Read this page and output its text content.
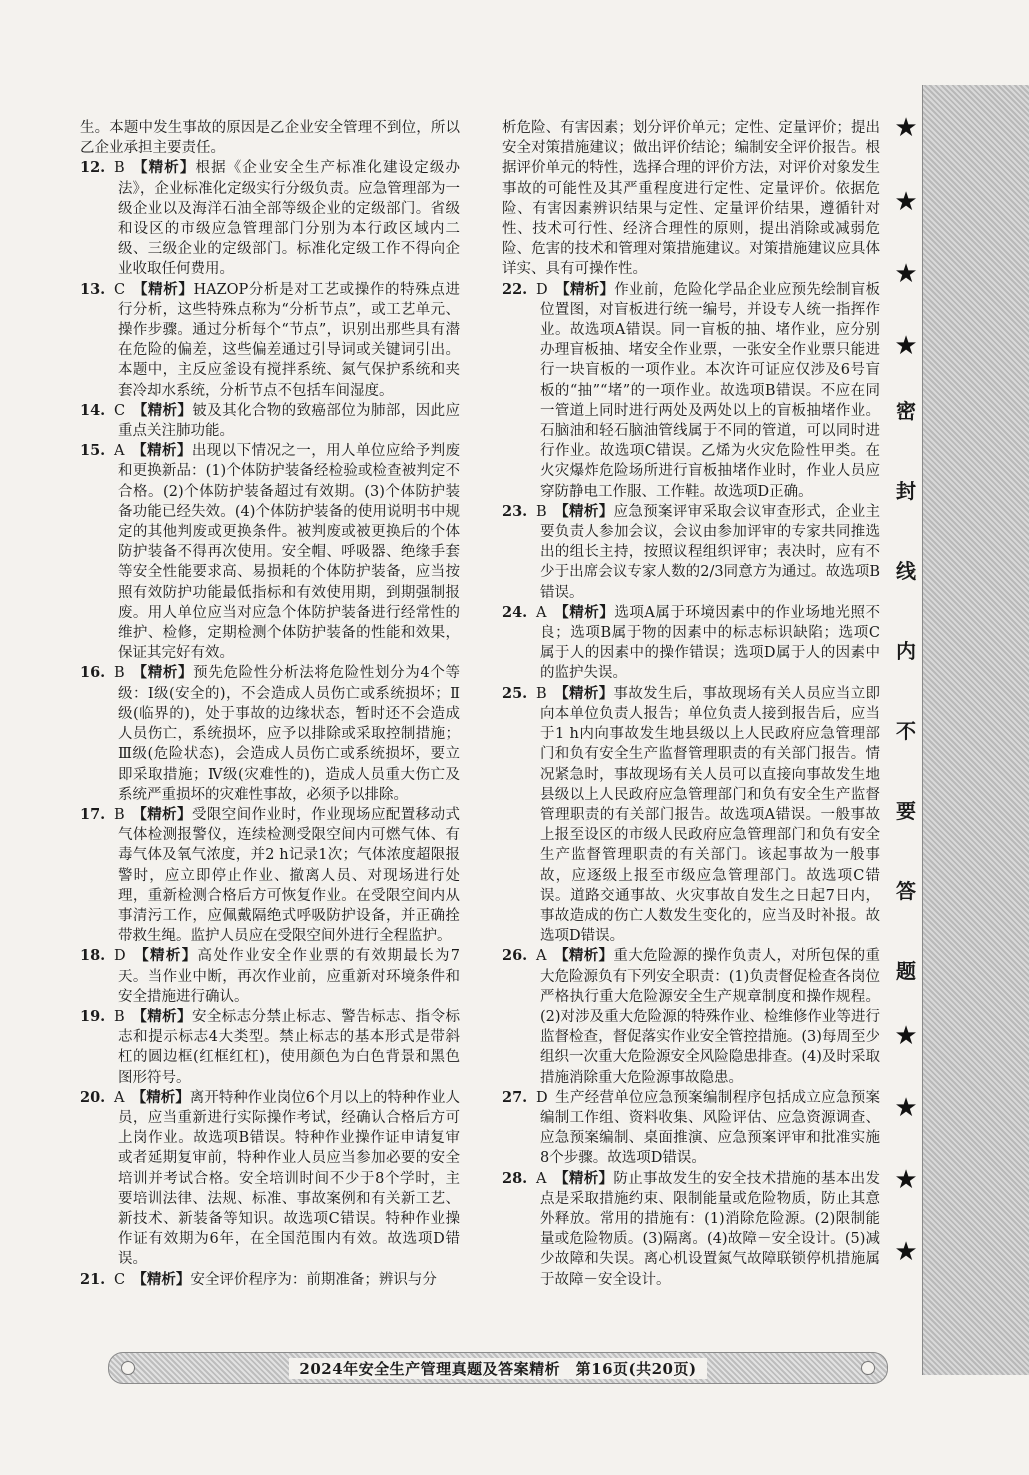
生。本题中发生事故的原因是乙企业安全管理不到位，所以乙企业承担主要责任。

12. B  【精析】根据《企业安全生产标准化建设定级办法》，企业标准化定级实行分级负责。应急管理部为一级企业以及海洋石油全部等级企业的定级部门。省级和设区的市级应急管理部门分别为本行政区域内二级、三级企业的定级部门。标准化定级工作不得向企业收取任何费用。

13. C  【精析】HAZOP分析是对工艺或操作的特殊点进行分析，这些特殊点称为“分析节点”，或工艺单元、操作步骤。通过分析每个“节点”，识别出那些具有潜在危险的偏差，这些偏差通过引导词或关键词引出。本题中，主反应釜设有搅拌系统、氮气保护系统和夹套冷却水系统，分析节点不包括车间湿度。

14. C  【精析】铍及其化合物的致癌部位为肺部，因此应重点关注肺功能。

15. A  【精析】出现以下情况之一，用人单位应给予判废和更换新品：(1)个体防护装备经检验或检查被判定不合格。(2)个体防护装备超过有效期。(3)个体防护装备功能已经失效。(4)个体防护装备的使用说明书中规定的其他判废或更换条件。被判废或被更换后的个体防护装备不得再次使用。安全帽、呼吸器、绝缘手套等安全性能要求高、易损耗的个体防护装备，应当按照有效防护功能最低指标和有效使用期，到期强制报废。用人单位应当对应急个体防护装备进行经常性的维护、检修，定期检测个体防护装备的性能和效果，保证其完好有效。

16. B  【精析】预先危险性分析法将危险性划分为4个等级：Ⅰ级(安全的)，不会造成人员伤亡或系统损坏；Ⅱ级(临界的)，处于事故的边缘状态，暂时还不会造成人员伤亡，系统损坏，应予以排除或采取控制措施；Ⅲ级(危险状态)，会造成人员伤亡或系统损坏，要立即采取措施；Ⅳ级(灾难性的)，造成人员重大伤亡及系统严重损坏的灾难性事故，必须予以排除。

17. B  【精析】受限空间作业时，作业现场应配置移动式气体检测报警仪，连续检测受限空间内可燃气体、有毒气体及氧气浓度，并2 h记录1次；气体浓度超限报警时，应立即停止作业、撤离人员、对现场进行处理，重新检测合格后方可恢复作业。在受限空间内从事清污工作，应佩戴隔绝式呼吸防护设备，并正确拴带救生绳。监护人员应在受限空间外进行全程监护。

18. D  【精析】高处作业安全作业票的有效期最长为7天。当作业中断，再次作业前，应重新对环境条件和安全措施进行确认。

19. B  【精析】安全标志分禁止标志、警告标志、指令标志和提示标志4大类型。禁止标志的基本形式是带斜杠的圆边框(红框红杠)，使用颜色为白色背景和黑色图形符号。

20. A  【精析】离开特种作业岗位6个月以上的特种作业人员，应当重新进行实际操作考试，经确认合格后方可上岗作业。故选项B错误。特种作业操作证申请复审或者延期复审前，特种作业人员应当参加必要的安全培训并考试合格。安全培训时间不少于8个学时，主要培训法律、法规、标准、事故案例和有关新工艺、新技术、新装备等知识。故选项C错误。特种作业操作证有效期为6年，在全国范围内有效。故选项D错误。

21. C  【精析】安全评价程序为：前期准备；辨识与分

析危险、有害因素；划分评价单元；定性、定量评价；提出安全对策措施建议；做出评价结论；编制安全评价报告。根据评价单元的特性，选择合理的评价方法，对评价对象发生事故的可能性及其严重程度进行定性、定量评价。依据危险、有害因素辨识结果与定性、定量评价结果，遵循针对性、技术可行性、经济合理性的原则，提出消除或减弱危险、危害的技术和管理对策措施建议。对策措施建议应具体详实、具有可操作性。

22. D  【精析】作业前，危险化学品企业应预先绘制盲板位置图，对盲板进行统一编号，并设专人统一指挥作业。故选项A错误。同一盲板的抽、堵作业，应分别办理盲板抽、堵安全作业票，一张安全作业票只能进行一块盲板的一项作业。本次许可证应仅涉及6号盲板的“抽”“堵”的一项作业。故选项B错误。不应在同一管道上同时进行两处及两处以上的盲板抽堵作业。石脑油和轻石脑油管线属于不同的管道，可以同时进行作业。故选项C错误。乙烯为火灾危险性甲类。在火灾爆炸危险场所进行盲板抽堵作业时，作业人员应穿防静电工作服、工作鞋。故选项D正确。

23. B  【精析】应急预案评审采取会议审查形式，企业主要负责人参加会议，会议由参加评审的专家共同推选出的组长主持，按照议程组织评审；表决时，应有不少于出席会议专家人数的2/3同意方为通过。故选项B错误。

24. A  【精析】选项A属于环境因素中的作业场地光照不良；选项B属于物的因素中的标志标识缺陷；选项C属于人的因素中的操作错误；选项D属于人的因素中的监护失误。

25. B  【精析】事故发生后，事故现场有关人员应当立即向本单位负责人报告；单位负责人接到报告后，应当于1 h内向事故发生地县级以上人民政府应急管理部门和负有安全生产监督管理职责的有关部门报告。情况紧急时，事故现场有关人员可以直接向事故发生地县级以上人民政府应急管理部门和负有安全生产监督管理职责的有关部门报告。故选项A错误。一般事故上报至设区的市级人民政府应急管理部门和负有安全生产监督管理职责的有关部门。该起事故为一般事故，应逐级上报至市级应急管理部门。故选项C错误。道路交通事故、火灾事故自发生之日起7日内，事故造成的伤亡人数发生变化的，应当及时补报。故选项D错误。

26. A  【精析】重大危险源的操作负责人，对所包保的重大危险源负有下列安全职责：(1)负责督促检查各岗位严格执行重大危险源安全生产规章制度和操作规程。(2)对涉及重大危险源的特殊作业、检维修作业等进行监督检查，督促落实作业安全管控措施。(3)每周至少组织一次重大危险源安全风险隐患排查。(4)及时采取措施消除重大危险源事故隐患。

27. D  生产经营单位应急预案编制程序包括成立应急预案编制工作组、资料收集、风险评估、应急资源调查、应急预案编制、桌面推演、应急预案评审和批准实施8个步骤。故选项D错误。

28. A  【精析】防止事故发生的安全技术措施的基本出发点是采取措施约束、限制能量或危险物质，防止其意外释放。常用的措施有：(1)消除危险源。(2)限制能量或危险物质。(3)隔离。(4)故障－安全设计。(5)减少故障和失误。离心机设置氮气故障联锁停机措施属于故障－安全设计。

★
★
★
★
密
封
线
内
不
要
答
题
★
★
★
★
2024年安全生产管理真题及答案精析　第16页(共20页)
